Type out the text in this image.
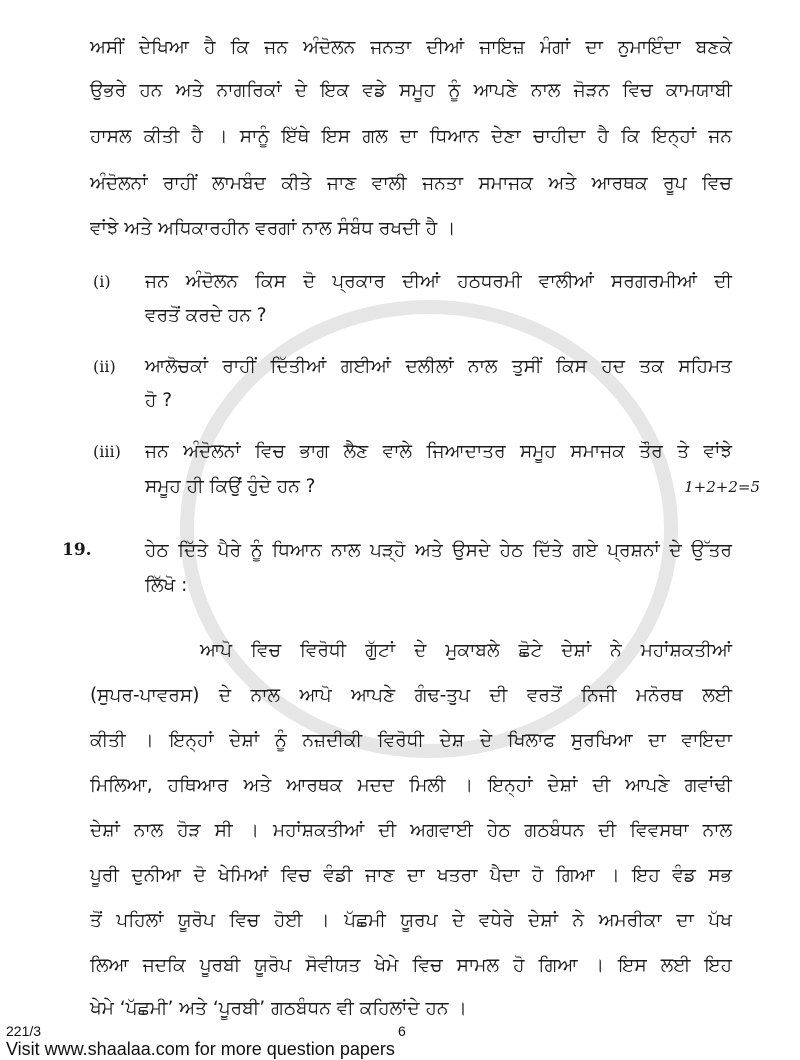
ਅਸੀਂ ਦੇਖਿਆ ਹੈ ਕਿ ਜਨ ਅੰਦੋਲਨ ਜਨਤਾ ਦੀਆਂ ਜਾਇਜ਼ ਮੰਗਾਂ ਦਾ ਨੁਮਾਇੰਦਾ ਬਣਕੇ
ਉਭਰੇ ਹਨ ਅਤੇ ਨਾਗਰਿਕਾਂ ਦੇ ਇਕ ਵਡੇ ਸਮੂਹ ਨੂੰ ਆਪਣੇ ਨਾਲ ਜੋੜਨ ਵਿਚ ਕਾਮਯਾਬੀ
ਹਾਸਲ ਕੀਤੀ ਹੈ । ਸਾਨੂੰ ਇੱਥੇ ਇਸ ਗਲ ਦਾ ਧਿਆਨ ਦੇਣਾ ਚਾਹੀਦਾ ਹੈ ਕਿ ਇਨ੍ਹਾਂ ਜਨ
ਅੰਦੋਲਨਾਂ ਰਾਹੀਂ ਲਾਮਬੰਦ ਕੀਤੇ ਜਾਣ ਵਾਲੀ ਜਨਤਾ ਸਮਾਜਕ ਅਤੇ ਆਰਥਕ ਰੂਪ ਵਿਚ
ਵਾਂਝੇ ਅਤੇ ਅਧਿਕਾਰਹੀਨ ਵਰਗਾਂ ਨਾਲ ਸੰਬੰਧ ਰਖਦੀ ਹੈ ।
(i) ਜਨ ਅੰਦੋਲਨ ਕਿਸ ਦੋ ਪ੍ਰਕਾਰ ਦੀਆਂ ਹਠਧਰਮੀ ਵਾਲੀਆਂ ਸਰਗਰਮੀਆਂ ਦੀ
ਵਰਤੋਂ ਕਰਦੇ ਹਨ ?
(ii) ਆਲੋਚਕਾਂ ਰਾਹੀਂ ਦਿੱਤੀਆਂ ਗਈਆਂ ਦਲੀਲਾਂ ਨਾਲ ਤੁਸੀਂ ਕਿਸ ਹਦ ਤਕ ਸਹਿਮਤ
ਹੋ ?
(iii) ਜਨ ਅੰਦੋਲਨਾਂ ਵਿਚ ਭਾਗ ਲੈਣ ਵਾਲੇ ਜਿਆਦਾਤਰ ਸਮੂਹ ਸਮਾਜਕ ਤੌਰ ਤੇ ਵਾਂਝੇ
ਸਮੂਹ ਹੀ ਕਿਉਂ ਹੁੰਦੇ ਹਨ ?	1+2+2=5
19.	ਹੇਠ ਦਿੱਤੇ ਪੈਰੇ ਨੂੰ ਧਿਆਨ ਨਾਲ ਪੜ੍ਹੋ ਅਤੇ ਉਸਦੇ ਹੇਠ ਦਿੱਤੇ ਗਏ ਪ੍ਰਸ਼ਨਾਂ ਦੇ ਉੱਤਰ
ਲਿੱਖੋ :
ਆਪੋ ਵਿਚ ਵਿਰੋਧੀ ਗੁੱਟਾਂ ਦੇ ਮੁਕਾਬਲੇ ਛੋਟੇ ਦੇਸ਼ਾਂ ਨੇ ਮਹਾਂਸ਼ਕਤੀਆਂ
(ਸੁਪਰ-ਪਾਵਰਸ) ਦੇ ਨਾਲ ਆਪੋ ਆਪਣੇ ਗੰਢ-ਤੁਪ ਦੀ ਵਰਤੋਂ ਨਿਜੀ ਮਨੋਰਥ ਲਈ
ਕੀਤੀ । ਇਨ੍ਹਾਂ ਦੇਸ਼ਾਂ ਨੂੰ ਨਜ਼ਦੀਕੀ ਵਿਰੋਧੀ ਦੇਸ਼ ਦੇ ਖਿਲਾਫ ਸੁਰਖਿਆ ਦਾ ਵਾਇਦਾ
ਮਿਲਿਆ, ਹਥਿਆਰ ਅਤੇ ਆਰਥਕ ਮਦਦ ਮਿਲੀ । ਇਨ੍ਹਾਂ ਦੇਸ਼ਾਂ ਦੀ ਆਪਣੇ ਗਵਾਂਢੀ
ਦੇਸ਼ਾਂ ਨਾਲ ਹੋੜ ਸੀ । ਮਹਾਂਸ਼ਕਤੀਆਂ ਦੀ ਅਗਵਾਈ ਹੇਠ ਗਠਬੰਧਨ ਦੀ ਵਿਵਸਥਾ ਨਾਲ
ਪੂਰੀ ਦੁਨੀਆ ਦੋ ਖੇਮਿਆਂ ਵਿਚ ਵੰਡੀ ਜਾਣ ਦਾ ਖਤਰਾ ਪੈਦਾ ਹੋ ਗਿਆ । ਇਹ ਵੰਡ ਸਭ
ਤੋਂ ਪਹਿਲਾਂ ਯੂਰੋਪ ਵਿਚ ਹੋਈ । ਪੱਛਮੀ ਯੂਰਪ ਦੇ ਵਧੇਰੇ ਦੇਸ਼ਾਂ ਨੇ ਅਮਰੀਕਾ ਦਾ ਪੱਖ
ਲਿਆ ਜਦਕਿ ਪੂਰਬੀ ਯੂਰੋਪ ਸੋਵੀਯਤ ਖੇਮੇ ਵਿਚ ਸਾਮਲ ਹੋ ਗਿਆ । ਇਸ ਲਈ ਇਹ
ਖੇਮੇ ‘ਪੱਛਮੀ’ ਅਤੇ ‘ਪੂਰਬੀ’ ਗਠਬੰਧਨ ਵੀ ਕਹਿਲਾਂਦੇ ਹਨ ।
221/3	6
Visit www.shaalaa.com for more question papers
